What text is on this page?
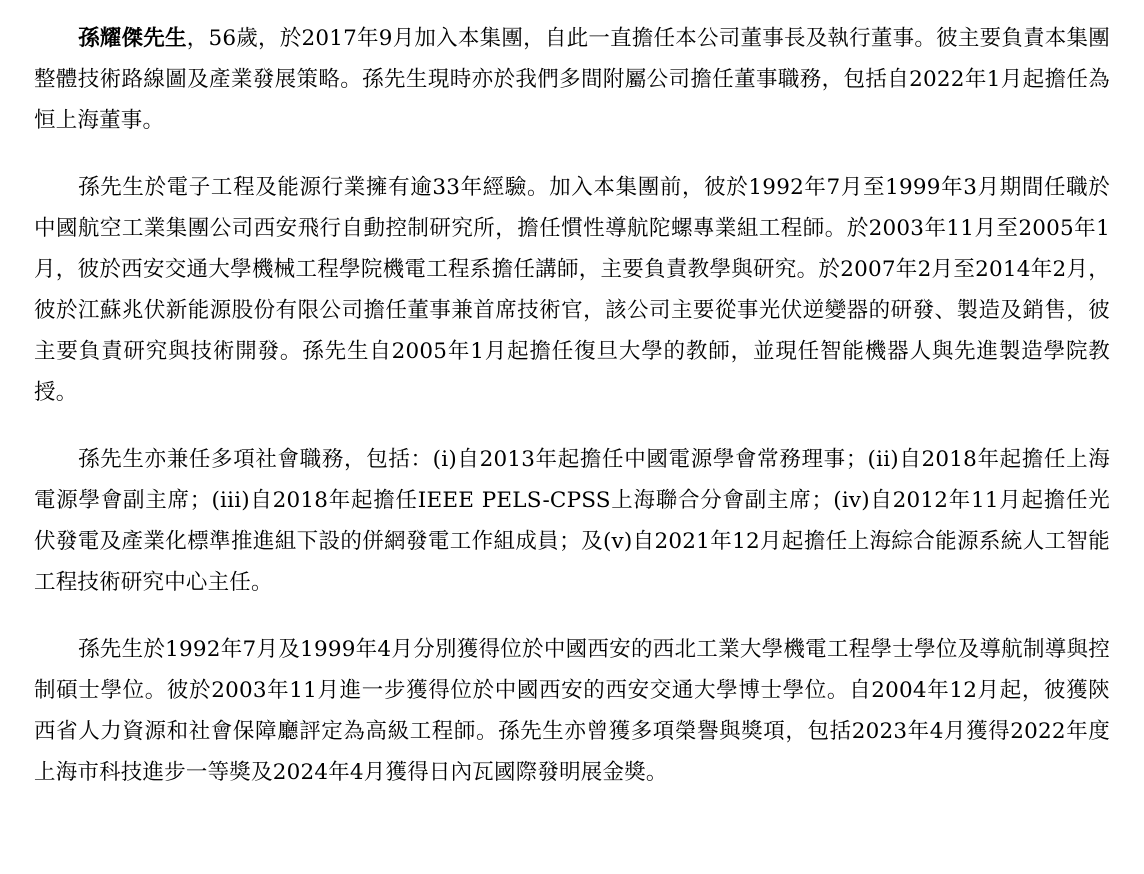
孫耀傑先生，56歲，於2017年9月加入本集團，自此一直擔任本公司董事長及執行董事。彼主要負責本集團整體技術路線圖及產業發展策略。孫先生現時亦於我們多間附屬公司擔任董事職務，包括自2022年1月起擔任為恒上海董事。

孫先生於電子工程及能源行業擁有逾33年經驗。加入本集團前，彼於1992年7月至1999年3月期間任職於中國航空工業集團公司西安飛行自動控制研究所，擔任慣性導航陀螺專業組工程師。於2003年11月至2005年1月，彼於西安交通大學機械工程學院機電工程系擔任講師，主要負責教學與研究。於2007年2月至2014年2月，彼於江蘇兆伏新能源股份有限公司擔任董事兼首席技術官，該公司主要從事光伏逆變器的研發、製造及銷售，彼主要負責研究與技術開發。孫先生自2005年1月起擔任復旦大學的教師，並現任智能機器人與先進製造學院教授。

孫先生亦兼任多項社會職務，包括：(i)自2013年起擔任中國電源學會常務理事；(ii)自2018年起擔任上海電源學會副主席；(iii)自2018年起擔任IEEE PELS-CPSS上海聯合分會副主席；(iv)自2012年11月起擔任光伏發電及產業化標準推進組下設的併網發電工作組成員；及(v)自2021年12月起擔任上海綜合能源系統人工智能工程技術研究中心主任。

孫先生於1992年7月及1999年4月分別獲得位於中國西安的西北工業大學機電工程學士學位及導航制導與控制碩士學位。彼於2003年11月進一步獲得位於中國西安的西安交通大學博士學位。自2004年12月起，彼獲陝西省人力資源和社會保障廳評定為高級工程師。孫先生亦曾獲多項榮譽與獎項，包括2023年4月獲得2022年度上海市科技進步一等獎及2024年4月獲得日內瓦國際發明展金獎。
